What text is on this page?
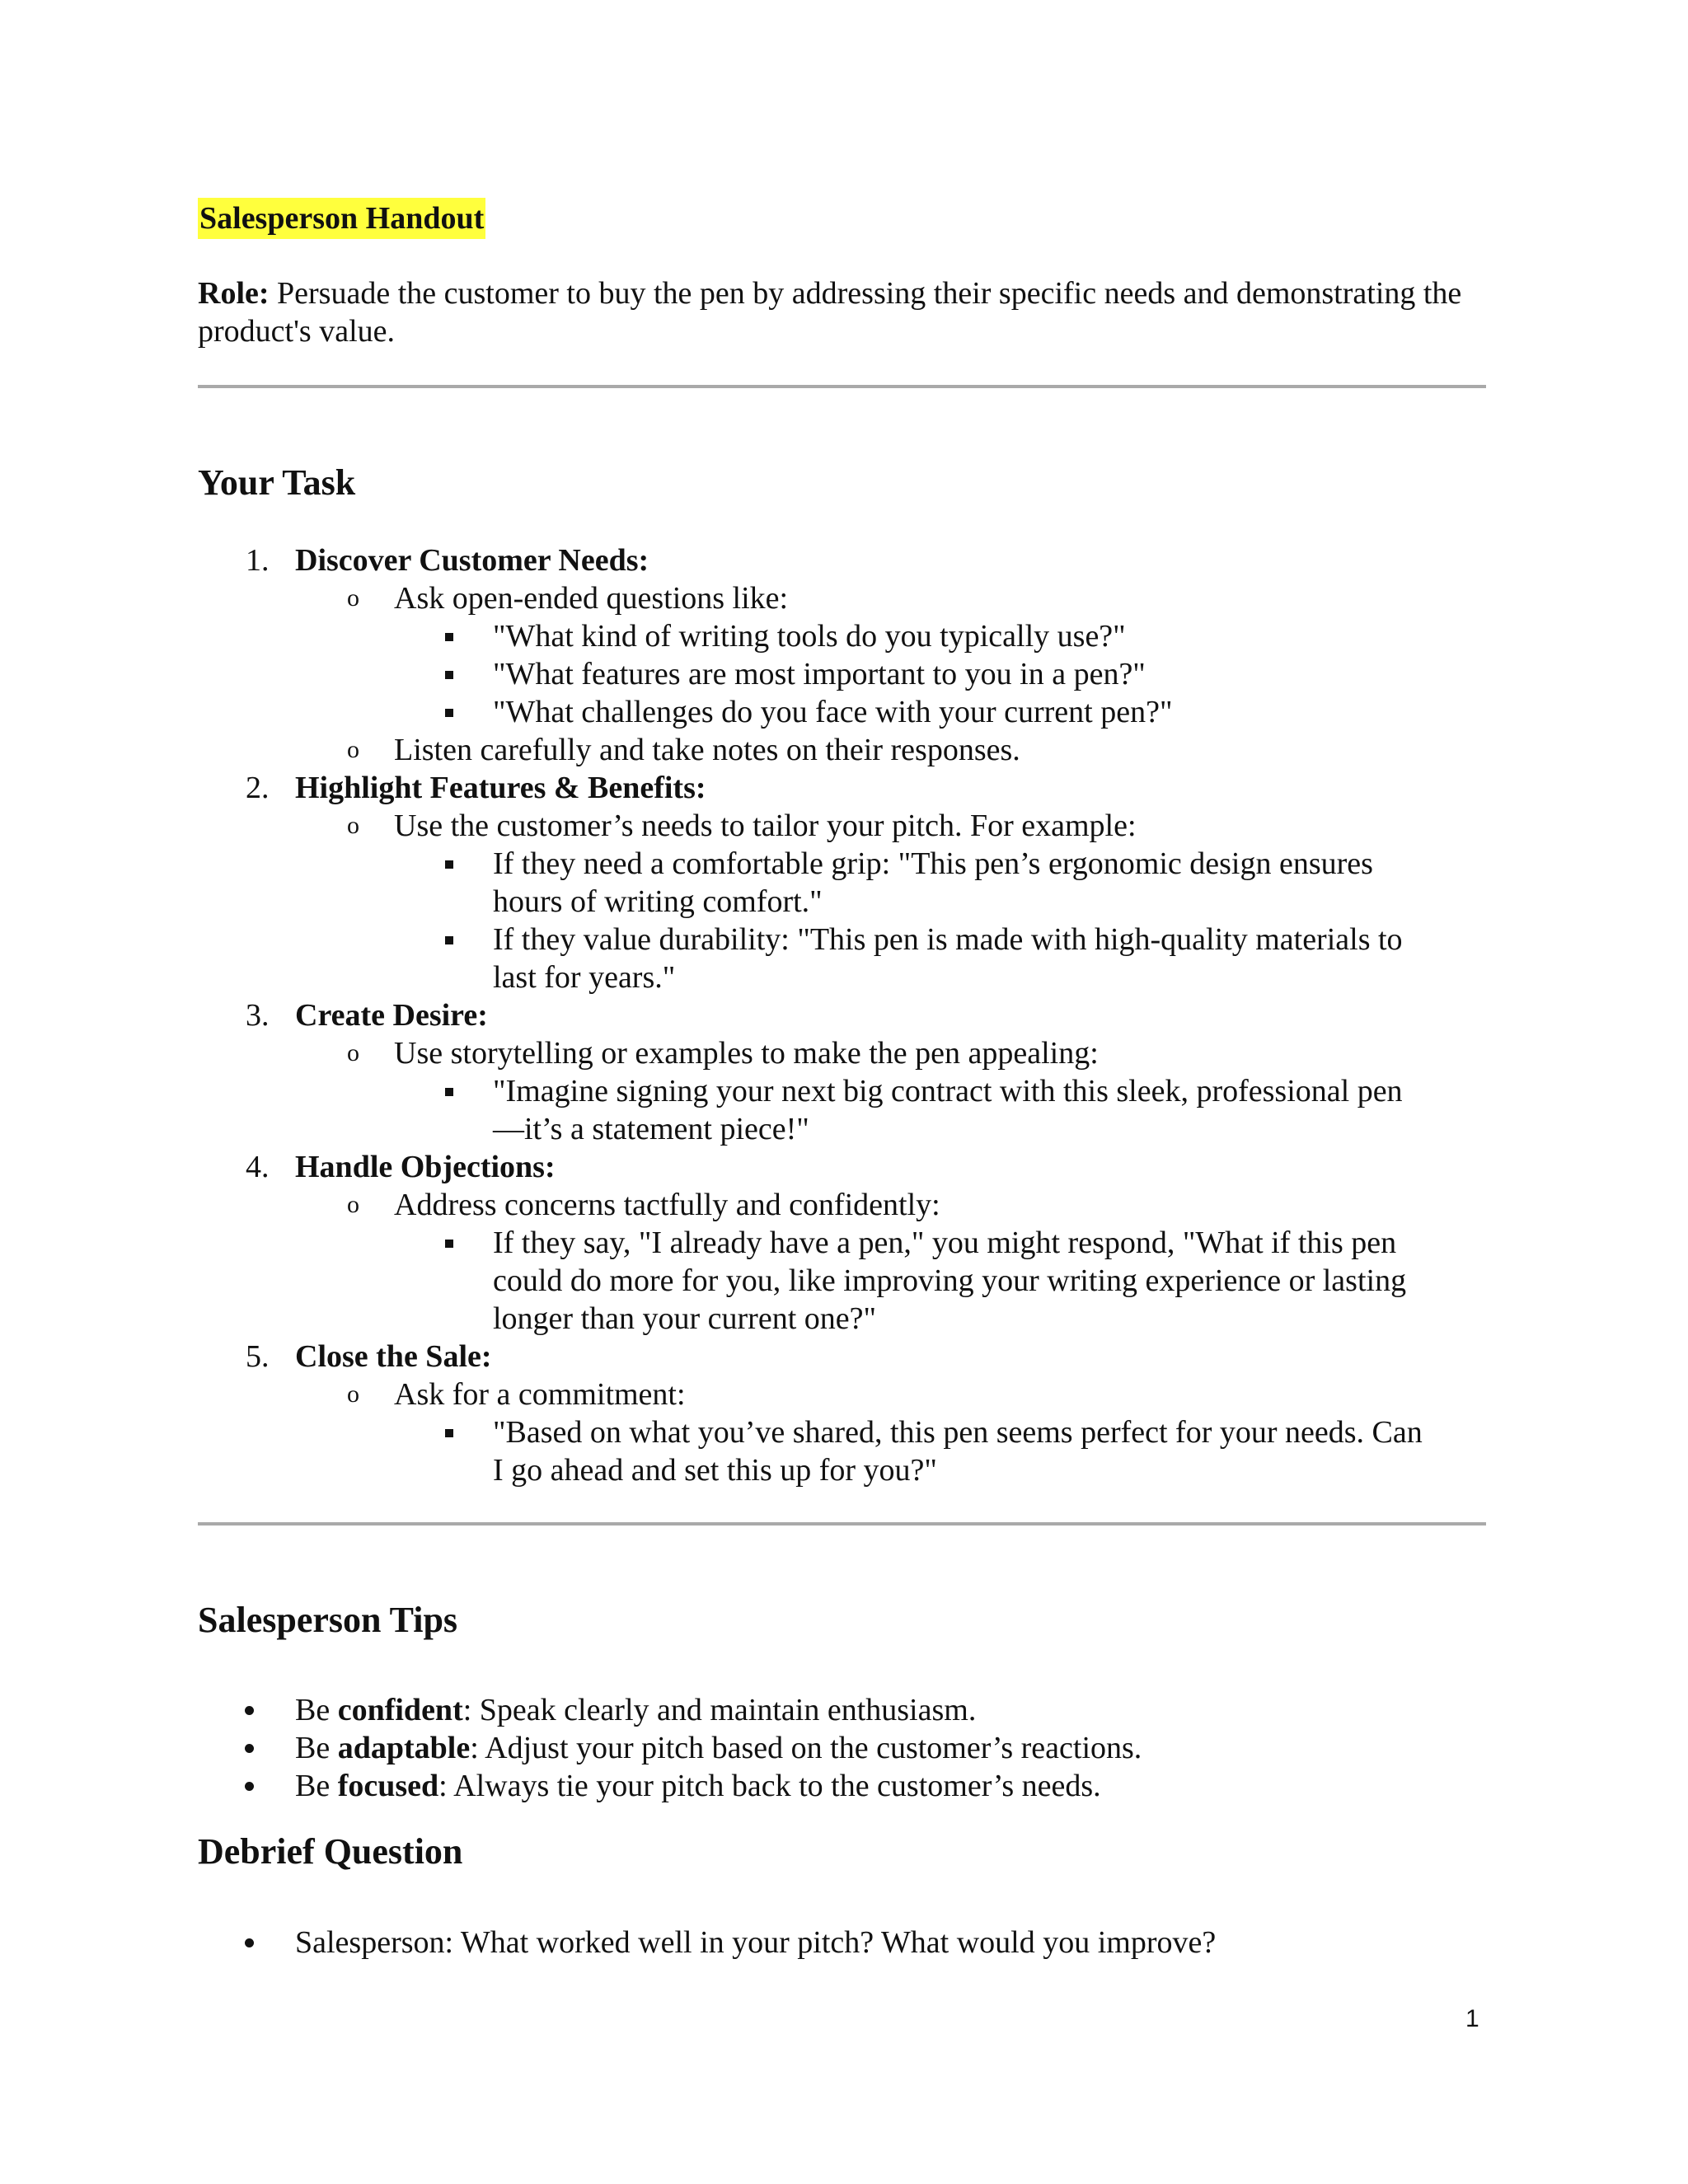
Salesperson Handout
Role: Persuade the customer to buy the pen by addressing their specific needs and demonstrating the product's value.
Your Task
1. Discover Customer Needs:
o Ask open-ended questions like:
"What kind of writing tools do you typically use?"
"What features are most important to you in a pen?"
"What challenges do you face with your current pen?"
o Listen carefully and take notes on their responses.
2. Highlight Features & Benefits:
o Use the customer’s needs to tailor your pitch. For example:
If they need a comfortable grip: "This pen’s ergonomic design ensures
hours of writing comfort."
If they value durability: "This pen is made with high-quality materials to
last for years."
3. Create Desire:
o Use storytelling or examples to make the pen appealing:
"Imagine signing your next big contract with this sleek, professional pen
—it’s a statement piece!"
4. Handle Objections:
o Address concerns tactfully and confidently:
If they say, "I already have a pen," you might respond, "What if this pen
could do more for you, like improving your writing experience or lasting
longer than your current one?"
5. Close the Sale:
o Ask for a commitment:
"Based on what you’ve shared, this pen seems perfect for your needs. Can
I go ahead and set this up for you?"
Salesperson Tips
Be confident: Speak clearly and maintain enthusiasm.
Be adaptable: Adjust your pitch based on the customer’s reactions.
Be focused: Always tie your pitch back to the customer’s needs.
Debrief Question
Salesperson: What worked well in your pitch? What would you improve?
1
